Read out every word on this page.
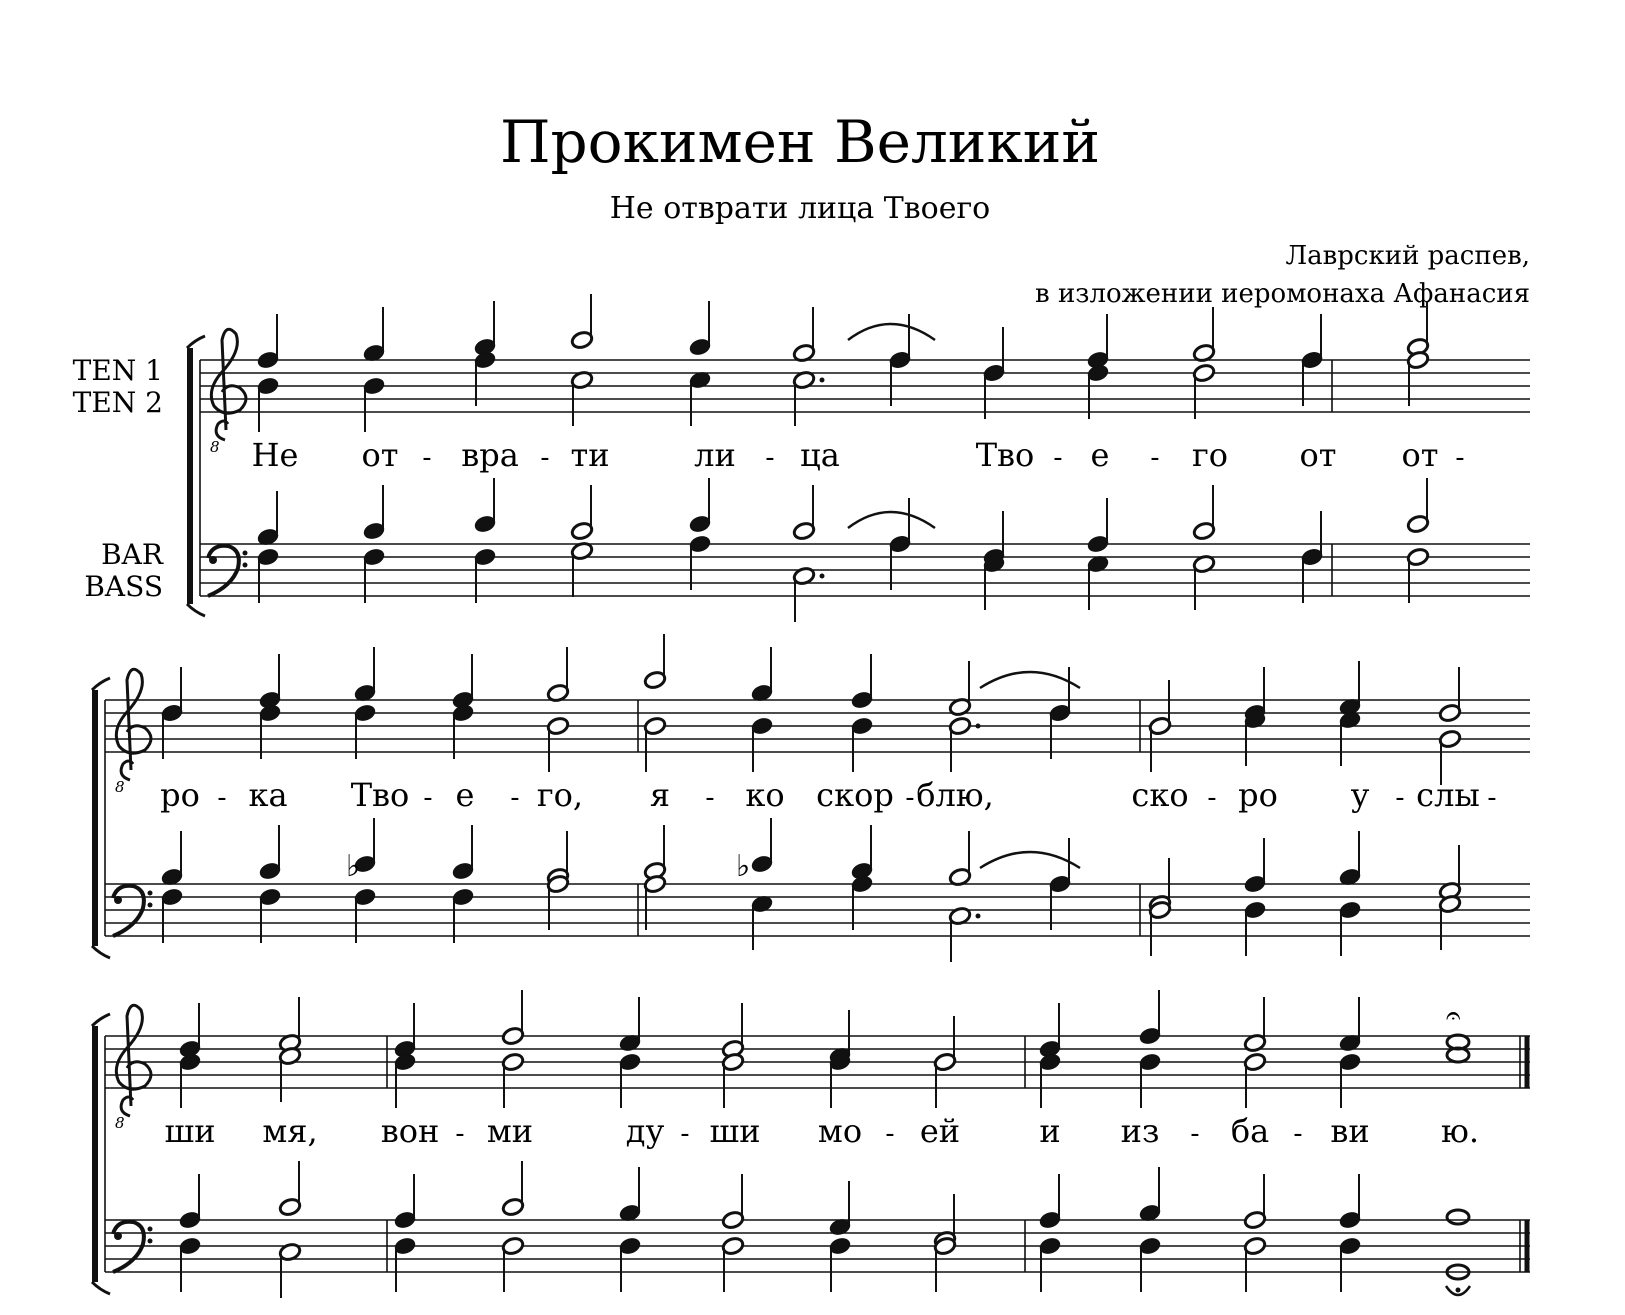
Прокимен Великий
Не отврати лица Твоего
Лаврский распев,
в изложении иеромонаха Афанасия
TEN 1
TEN 2
BAR
BASS
8 Не от - вра - ти	ли - ца	Тво - е - го от от -
8
♭	♭
ро - ка Тво - е - го, я - ко скор - блю,	ско - ро у - слы -
8
𝄐
ши мя, вон - ми	ду - ши мо - ей и из - ба - ви ю.
